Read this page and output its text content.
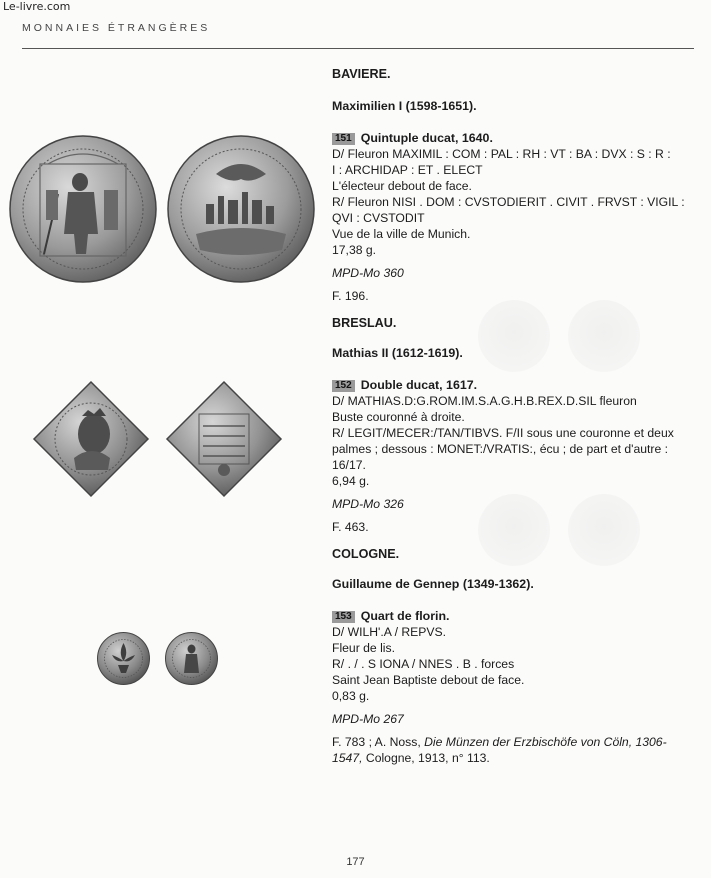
Le-livre.com
MONNAIES ÉTRANGÈRES

BAVIERE.

Maximilien I (1598-1651).

151 Quintuple ducat, 1640.

D/ Fleuron MAXIMIL : COM : PAL : RH : VT : BA : DVX : S : R :

I : ARCHIDAP : ET . ELECT

L'électeur debout de face.

R/ Fleuron NISI . DOM : CVSTODIERIT . CIVIT . FRVST : VIGIL :

QVI : CVSTODIT

Vue de la ville de Munich.

17,38 g.

MPD-Mo 360

F. 196.

BRESLAU.

Mathias II (1612-1619).

152 Double ducat, 1617.

D/ MATHIAS.D:G.ROM.IM.S.A.G.H.B.REX.D.SIL fleuron

Buste couronné à droite.

R/ LEGIT/MECER:/TAN/TIBVS. F/II sous une couronne et deux

palmes ; dessous : MONET:/VRATIS:, écu ; de part et d'autre :

16/17.

6,94 g.

MPD-Mo 326

F. 463.

COLOGNE.

Guillaume de Gennep (1349-1362).

153 Quart de florin.

D/ WILH'.A / REPVS.

Fleur de lis.

R/ . / . S IONA / NNES . B . forces

Saint Jean Baptiste debout de face.

0,83 g.

MPD-Mo 267

F. 783 ; A. Noss, Die Münzen der Erzbischöfe von Cöln, 1306-

1547, Cologne, 1913, n° 113.

177
